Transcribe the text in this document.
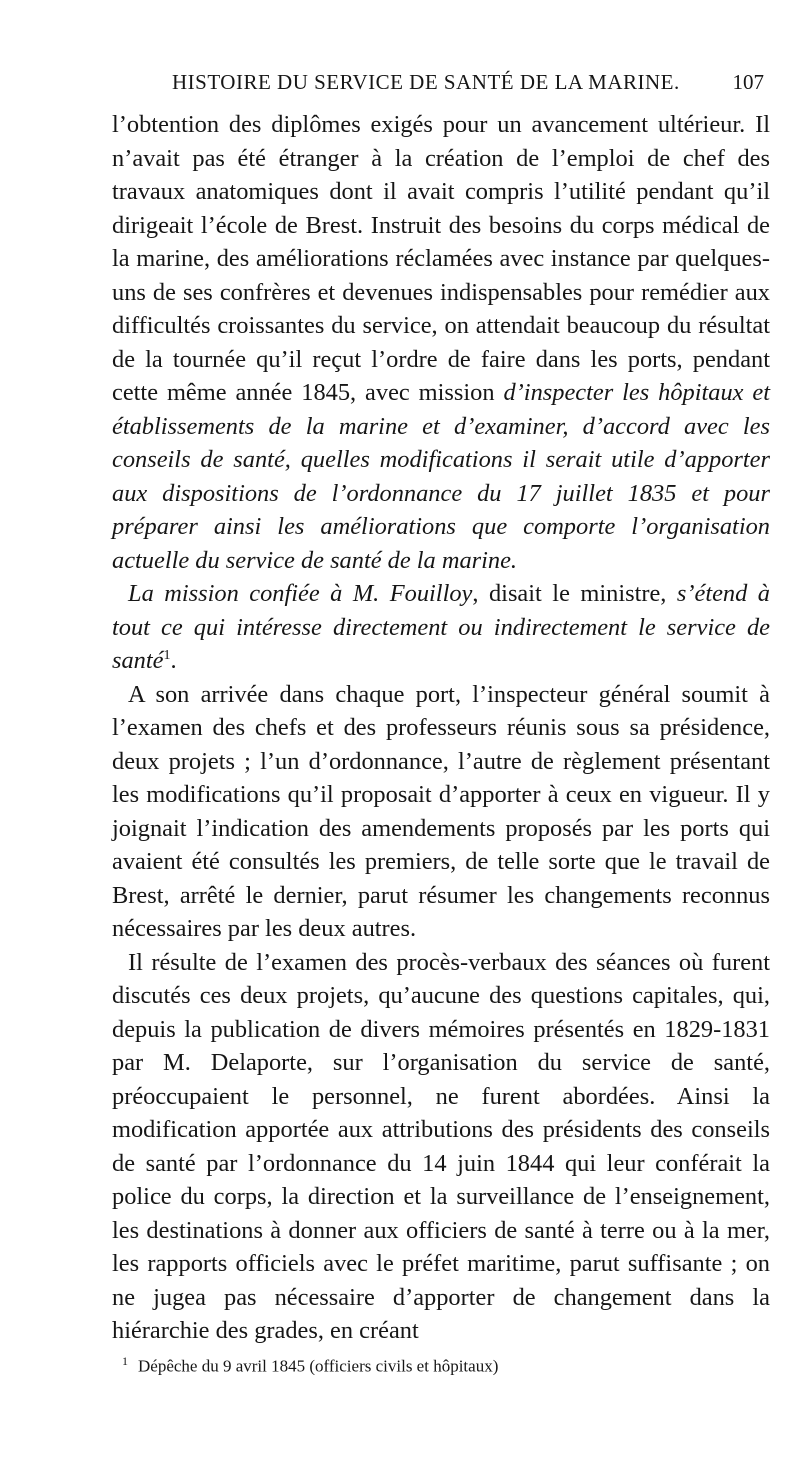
HISTOIRE DU SERVICE DE SANTÉ DE LA MARINE.	107

l’obtention des diplômes exigés pour un avancement ultérieur. Il n’avait pas été étranger à la création de l’emploi de chef des travaux anatomiques dont il avait compris l’utilité pendant qu’il dirigeait l’école de Brest. Instruit des besoins du corps médical de la marine, des améliorations réclamées avec instance par quelques-uns de ses confrères et devenues indispensables pour remédier aux difficultés croissantes du service, on attendait beaucoup du résultat de la tournée qu’il reçut l’ordre de faire dans les ports, pendant cette même année 1845, avec mission d’inspecter les hôpitaux et établissements de la marine et d’examiner, d’accord avec les conseils de santé, quelles modifications il serait utile d’apporter aux dispositions de l’ordonnance du 17 juillet 1835 et pour préparer ainsi les améliorations que comporte l’organisation actuelle du service de santé de la marine.

La mission confiée à M. Fouilloy, disait le ministre, s’étend à tout ce qui intéresse directement ou indirectement le service de santé$^1$.

A son arrivée dans chaque port, l’inspecteur général soumit à l’examen des chefs et des professeurs réunis sous sa présidence, deux projets ; l’un d’ordonnance, l’autre de règlement présentant les modifications qu’il proposait d’apporter à ceux en vigueur. Il y joignait l’indication des amendements proposés par les ports qui avaient été consultés les premiers, de telle sorte que le travail de Brest, arrêté le dernier, parut résumer les changements reconnus nécessaires par les deux autres.

Il résulte de l’examen des procès-verbaux des séances où furent discutés ces deux projets, qu’aucune des questions capitales, qui, depuis la publication de divers mémoires présentés en 1829-1831 par M. Delaporte, sur l’organisation du service de santé, préoccupaient le personnel, ne furent abordées. Ainsi la modification apportée aux attributions des présidents des conseils de santé par l’ordonnance du 14 juin 1844 qui leur conférait la police du corps, la direction et la surveillance de l’enseignement, les destinations à donner aux officiers de santé à terre ou à la mer, les rapports officiels avec le préfet maritime, parut suffisante ; on ne jugea pas nécessaire d’apporter de changement dans la hiérarchie des grades, en créant

$^1$ Dépêche du 9 avril 1845 (officiers civils et hôpitaux)
